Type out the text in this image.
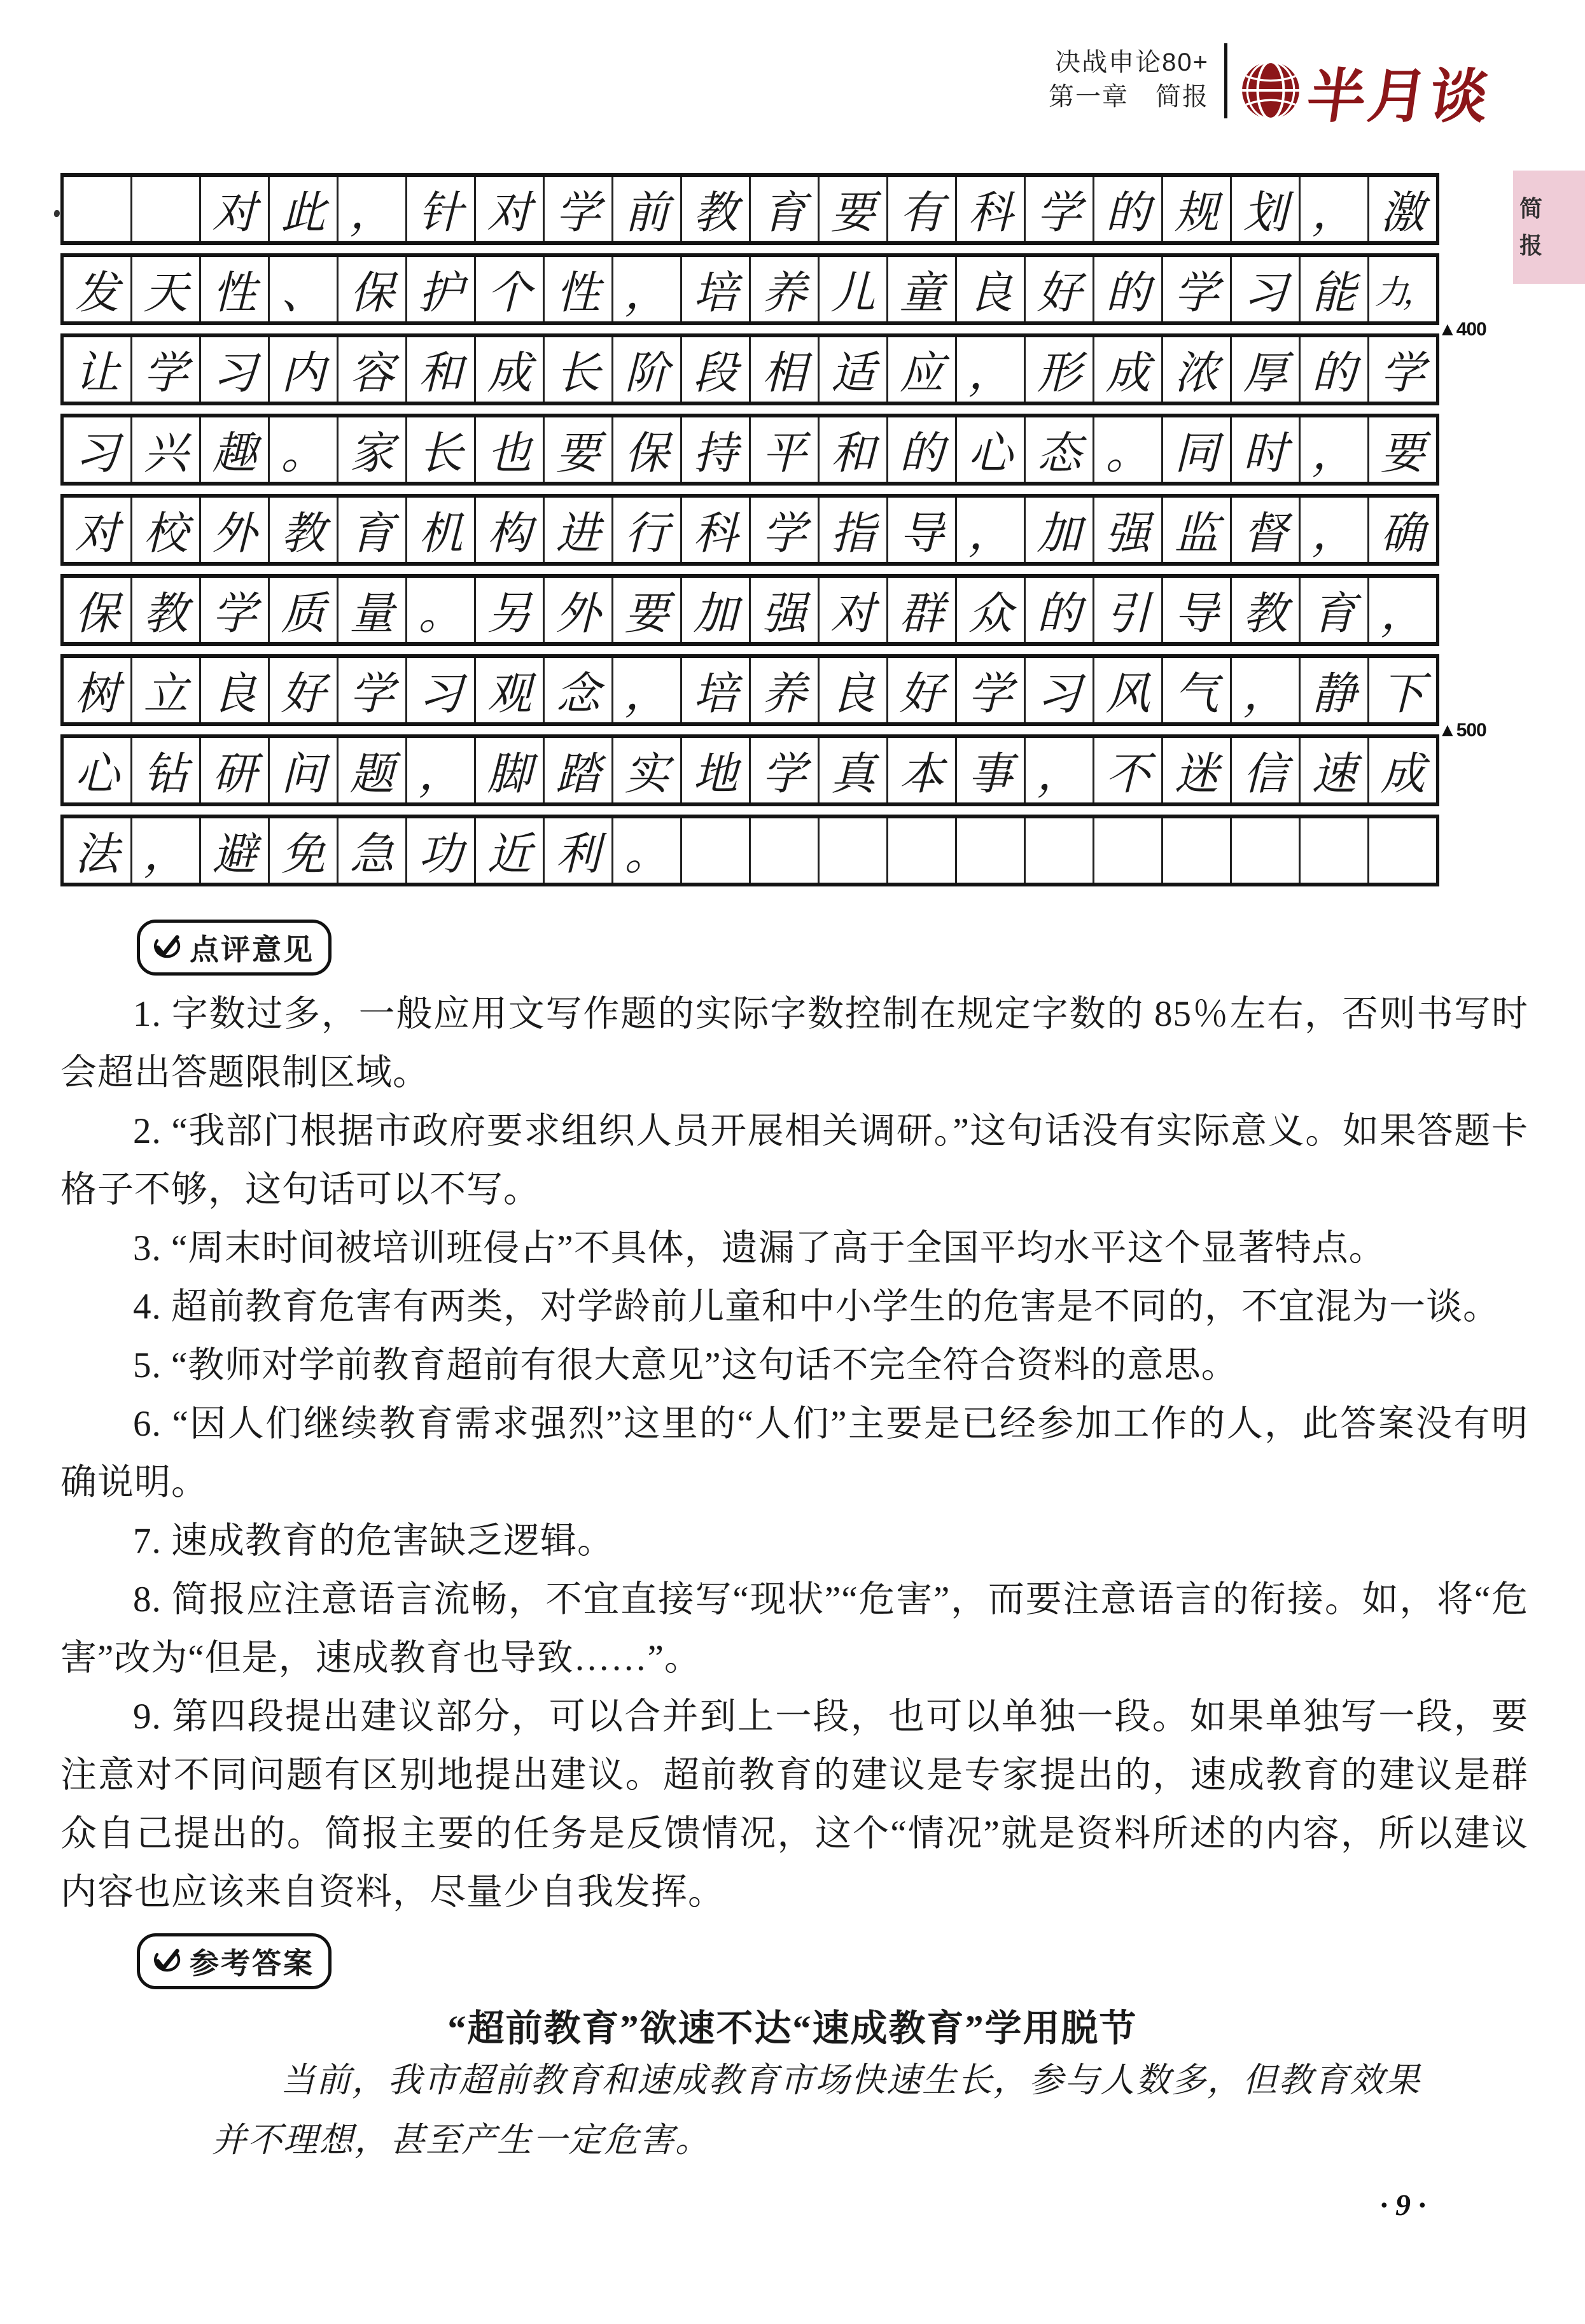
决战申论80+
第一章　简报 半月谈
简
报
对 此 ， 针 对 学 前 教 育 要 有 科 学 的 规 划 ， 激
发 天 性 、 保 护 个 性 ， 培 养 儿 童 良 好 的 学 习 能 力，
让 学 习 内 容 和 成 长 阶 段 相 适 应 ， 形 成 浓 厚 的 学
习 兴 趣 。 家 长 也 要 保 持 平 和 的 心 态 。 同 时 ， 要
对 校 外 教 育 机 构 进 行 科 学 指 导 ， 加 强 监 督 ， 确
保 教 学 质 量 。 另 外 要 加 强 对 群 众 的 引 导 教 育 ，
树 立 良 好 学 习 观 念 ， 培 养 良 好 学 习 风 气 ， 静 下
心 钻 研 问 题 ， 脚 踏 实 地 学 真 本 事 ， 不 迷 信 速 成
法 ， 避 免 急 功 近 利 。
▲400
▲500
点评意见

1. 字数过多，一般应用文写作题的实际字数控制在规定字数的 85％左右，否则书写时会超出答题限制区域。

2. “我部门根据市政府要求组织人员开展相关调研。”这句话没有实际意义。如果答题卡格子不够，这句话可以不写。

3. “周末时间被培训班侵占”不具体，遗漏了高于全国平均水平这个显著特点。

4. 超前教育危害有两类，对学龄前儿童和中小学生的危害是不同的，不宜混为一谈。

5. “教师对学前教育超前有很大意见”这句话不完全符合资料的意思。

6. “因人们继续教育需求强烈”这里的“人们”主要是已经参加工作的人，此答案没有明确说明。

7. 速成教育的危害缺乏逻辑。

8. 简报应注意语言流畅，不宜直接写“现状”“危害”，而要注意语言的衔接。如，将“危害”改为“但是，速成教育也导致……”。

9. 第四段提出建议部分，可以合并到上一段，也可以单独一段。如果单独写一段，要注意对不同问题有区别地提出建议。超前教育的建议是专家提出的，速成教育的建议是群众自己提出的。简报主要的任务是反馈情况，这个“情况”就是资料所述的内容，所以建议内容也应该来自资料，尽量少自我发挥。

参考答案
“超前教育”欲速不达“速成教育”学用脱节

当前，我市超前教育和速成教育市场快速生长，参与人数多，但教育效果并不理想，甚至产生一定危害。

· 9 ·
